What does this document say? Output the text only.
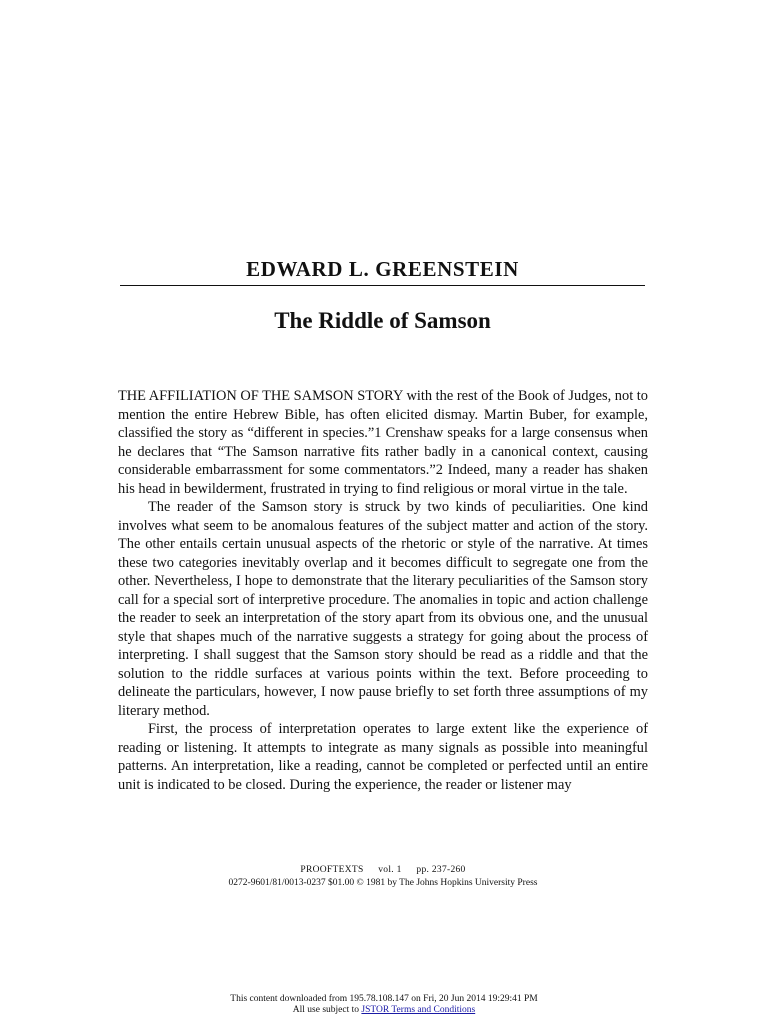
EDWARD L. GREENSTEIN
The Riddle of Samson

THE AFFILIATION OF THE SAMSON STORY with the rest of the Book of Judges, not to mention the entire Hebrew Bible, has often elicited dismay. Martin Buber, for example, classified the story as “different in species.”1 Crenshaw speaks for a large consensus when he declares that “The Samson narrative fits rather badly in a canonical context, causing considerable embarrassment for some commentators.”2 Indeed, many a reader has shaken his head in bewilderment, frustrated in trying to find religious or moral virtue in the tale.

The reader of the Samson story is struck by two kinds of peculiarities. One kind involves what seem to be anomalous features of the subject matter and action of the story. The other entails certain unusual aspects of the rhetoric or style of the narrative. At times these two categories inevitably overlap and it becomes difficult to segregate one from the other. Nevertheless, I hope to demonstrate that the literary peculiarities of the Samson story call for a special sort of interpretive procedure. The anomalies in topic and action challenge the reader to seek an interpretation of the story apart from its obvious one, and the unusual style that shapes much of the narrative suggests a strategy for going about the process of interpreting. I shall suggest that the Samson story should be read as a riddle and that the solution to the riddle surfaces at various points within the text. Before proceeding to delineate the particulars, however, I now pause briefly to set forth three assumptions of my literary method.

First, the process of interpretation operates to large extent like the experience of reading or listening. It attempts to integrate as many signals as possible into meaningful patterns. An interpretation, like a reading, cannot be completed or perfected until an entire unit is indicated to be closed. During the experience, the reader or listener may

PROOFTEXTS vol. 1 pp. 237-260
0272-9601/81/0013-0237 $01.00 © 1981 by The Johns Hopkins University Press
This content downloaded from 195.78.108.147 on Fri, 20 Jun 2014 19:29:41 PM
All use subject to JSTOR Terms and Conditions
